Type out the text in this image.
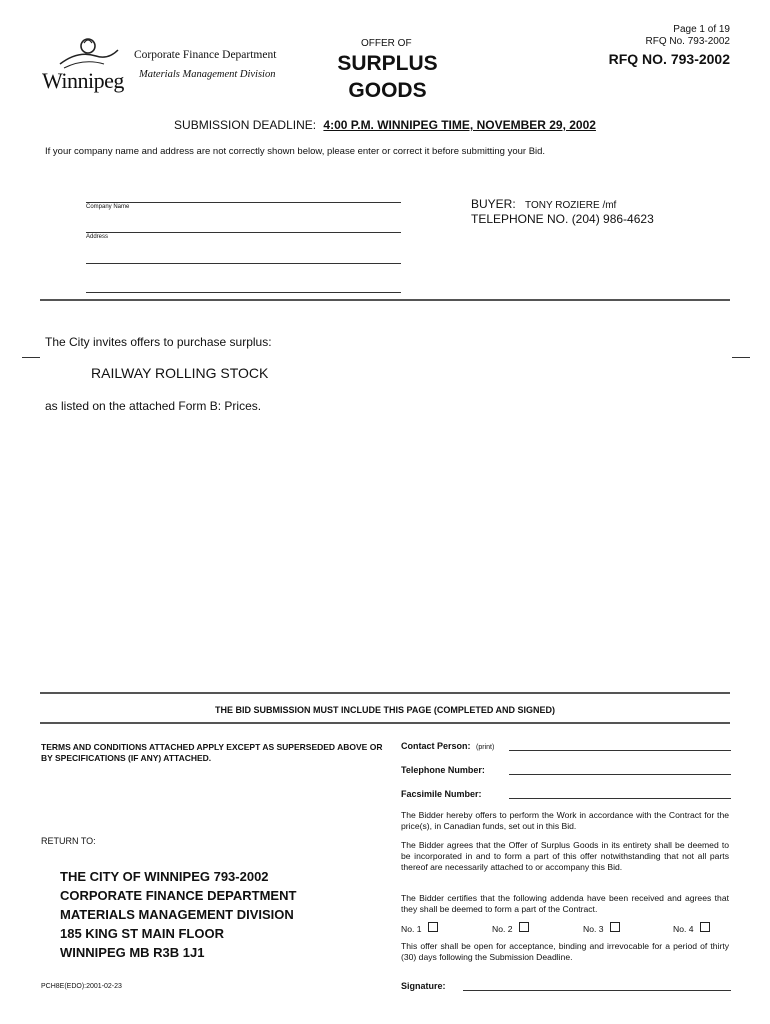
Winnipeg
Corporate Finance Department
Materials Management Division
OFFER OF
SURPLUS
GOODS
Page 1 of 19
RFQ No. 793-2002
RFQ NO. 793-2002
SUBMISSION DEADLINE: 4:00 P.M. WINNIPEG TIME, NOVEMBER 29, 2002
If your company name and address are not correctly shown below, please enter or correct it before submitting your Bid.
Company Name
Address
BUYER: TONY ROZIERE /mf
TELEPHONE NO. (204) 986-4623
The City invites offers to purchase surplus:
RAILWAY ROLLING STOCK
as listed on the attached Form B: Prices.
THE BID SUBMISSION MUST INCLUDE THIS PAGE (COMPLETED AND SIGNED)
TERMS AND CONDITIONS ATTACHED APPLY EXCEPT AS SUPERSEDED ABOVE OR BY SPECIFICATIONS (IF ANY) ATTACHED.
RETURN TO:
THE CITY OF WINNIPEG 793-2002
CORPORATE FINANCE DEPARTMENT
MATERIALS MANAGEMENT DIVISION
185 KING ST MAIN FLOOR
WINNIPEG MB R3B 1J1
PCH8E(EDO):2001-02-23
Contact Person: (print)
Telephone Number:
Facsimile Number:
The Bidder hereby offers to perform the Work in accordance with the Contract for the price(s), in Canadian funds, set out in this Bid.
The Bidder agrees that the Offer of Surplus Goods in its entirety shall be deemed to be incorporated in and to form a part of this offer notwithstanding that not all parts thereof are necessarily attached to or accompany this Bid.
The Bidder certifies that the following addenda have been received and agrees that they shall be deemed to form a part of the Contract.
No. 1	No. 2	No. 3	No. 4
This offer shall be open for acceptance, binding and irrevocable for a period of thirty (30) days following the Submission Deadline.
Signature:
